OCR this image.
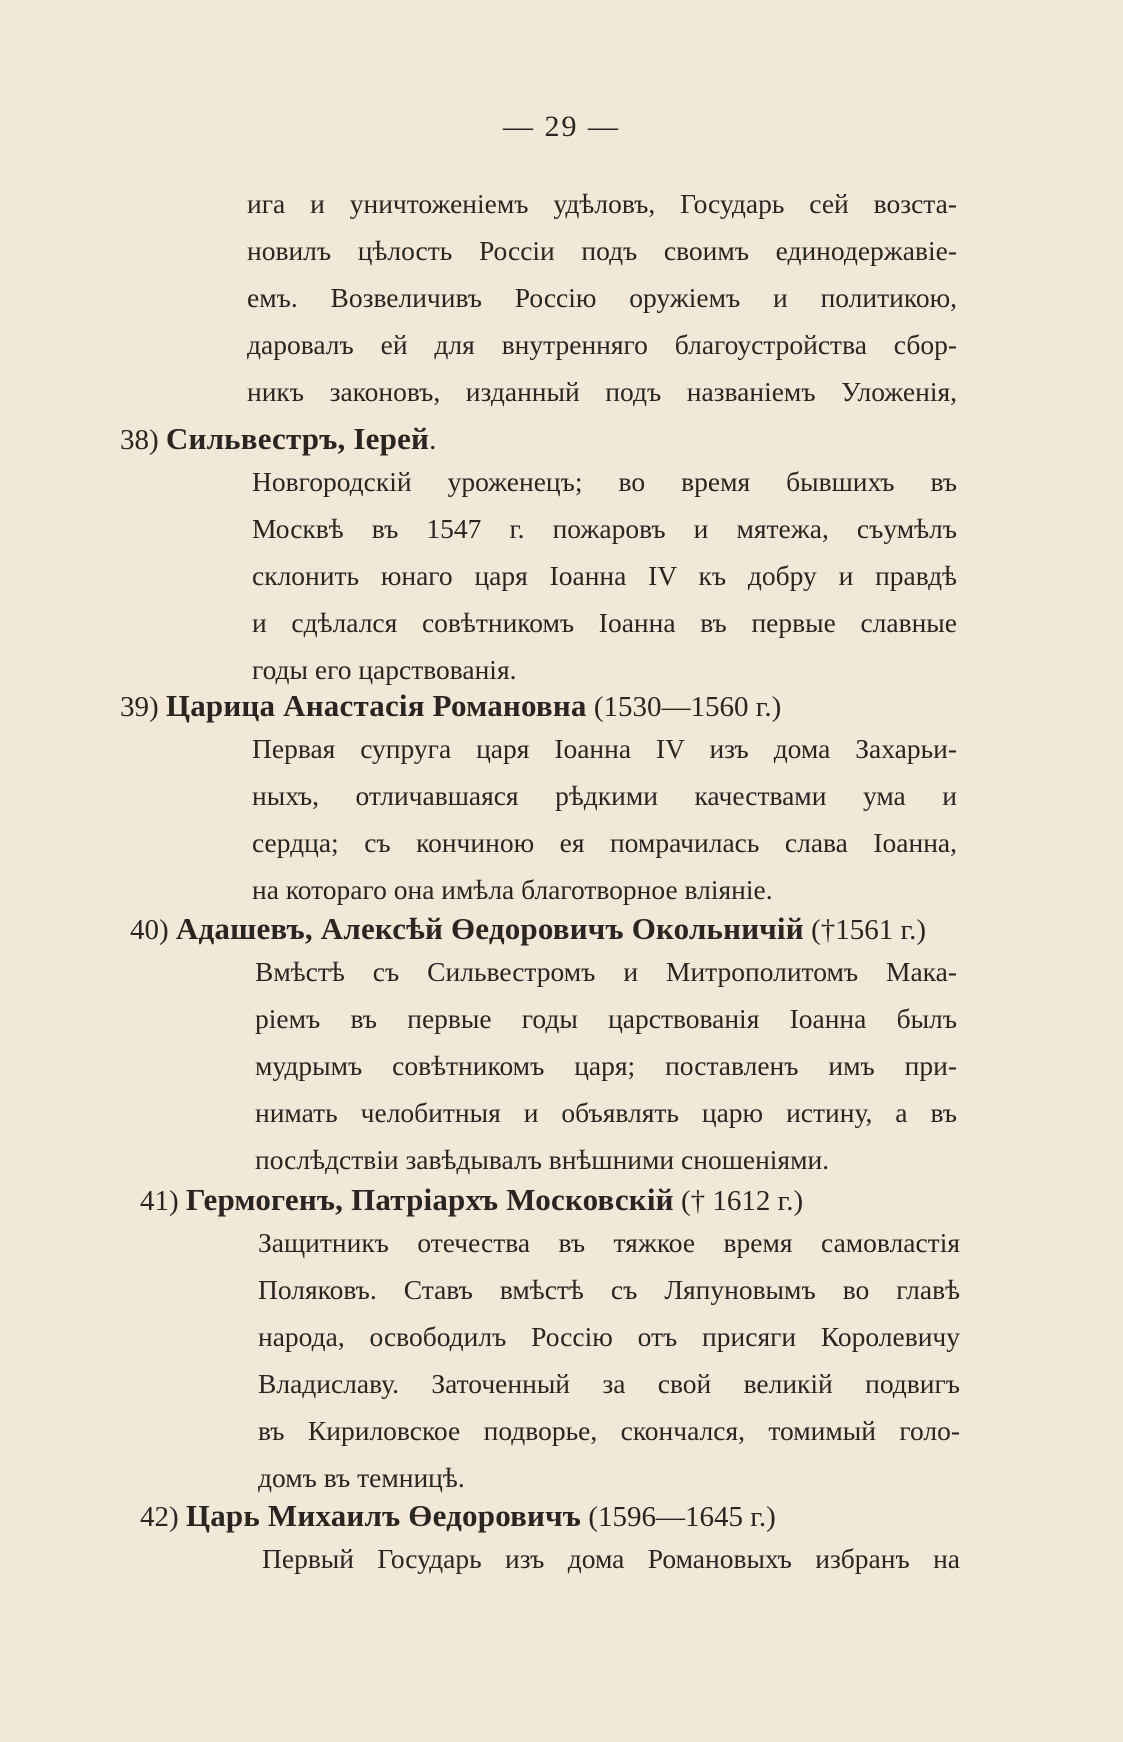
— 29 —
ига и уничтоженіемъ удѣловъ, Государь сей возста-
новилъ цѣлость Россіи подъ своимъ единодержавіе-
емъ. Возвеличивъ Россію оружіемъ и политикою,
даровалъ ей для внутренняго благоустройства сбор-
никъ законовъ, изданный подъ названіемъ Уложенія,
38) Сильвестръ, Іерей.
Новгородскій уроженецъ; во время бывшихъ въ
Москвѣ въ 1547 г. пожаровъ и мятежа, съумѣлъ
склонить юнаго царя Іоанна IV къ добру и правдѣ
и сдѣлался совѣтникомъ Іоанна въ первые славные
годы его царствованія.
39) Царица Анастасія Романовна (1530—1560 г.)
Первая супруга царя Іоанна IV изъ дома Захарьи-
ныхъ, отличавшаяся рѣдкими качествами ума и
сердца; съ кончиною ея помрачилась слава Іоанна,
на котораго она имѣла благотворное вліяніе.
40) Адашевъ, Алексѣй Өедоровичъ Окольничій (†1561 г.)
Вмѣстѣ съ Сильвестромъ и Митрополитомъ Мака-
ріемъ въ первые годы царствованія Іоанна былъ
мудрымъ совѣтникомъ царя; поставленъ имъ при-
нимать челобитныя и объявлять царю истину, а въ
послѣдствіи завѣдывалъ внѣшними сношеніями.
41) Гермогенъ, Патріархъ Московскій († 1612 г.)
Защитникъ отечества въ тяжкое время самовластія
Поляковъ. Ставъ вмѣстѣ съ Ляпуновымъ во главѣ
народа, освободилъ Россію отъ присяги Королевичу
Владиславу. Заточенный за свой великій подвигъ
въ Кириловское подворье, скончался, томимый голо-
домъ въ темницѣ.
42) Царь Михаилъ Өедоровичъ (1596—1645 г.)
Первый Государь изъ дома Романовыхъ избранъ на
